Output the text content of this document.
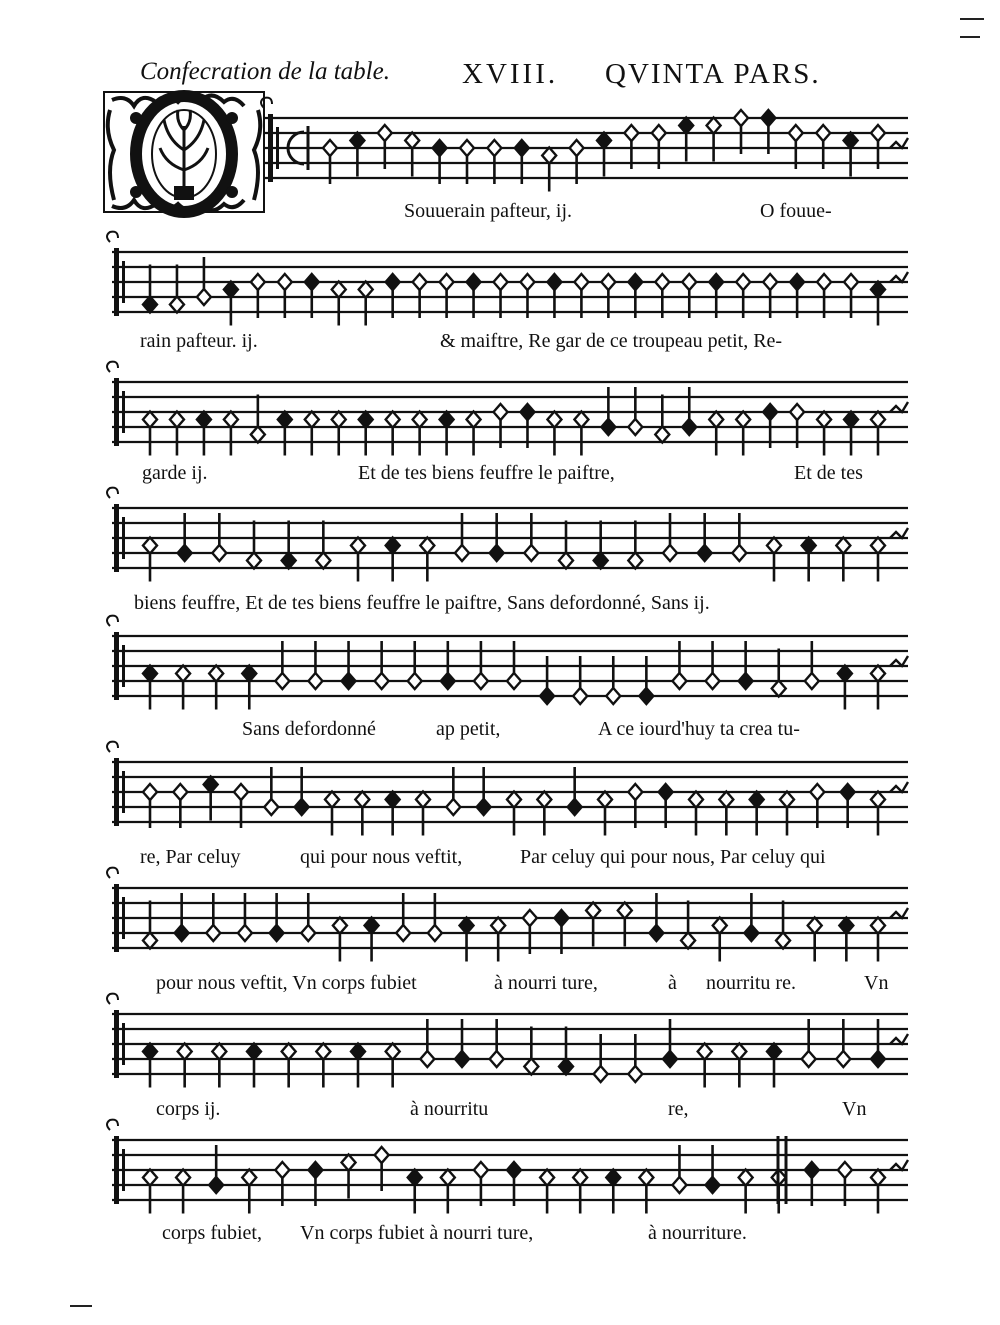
Confecration de la table. XVIII. QVINTA PARS.
Souuerain pafteur, ij.	O fouue-
rain pafteur. ij.	& maiftre, Re gar de ce troupeau petit, Re-
garde ij.	Et de tes biens feuffre le paiftre,	Et de tes
biens feuffre, Et de tes biens feuffre le paiftre, Sans defordonné, Sans ij.
Sans defordonné	ap petit,	A ce iourd'huy ta crea tu-
re, Par celuy	qui pour nous veftit,	Par celuy qui pour nous, Par celuy qui
pour nous veftit, Vn corps fubiet	à nourri ture,	à nourritu re.	Vn
corps ij.	à nourritu	re,	Vn
corps fubiet, Vn corps fubiet à nourri ture,	à nourriture.
